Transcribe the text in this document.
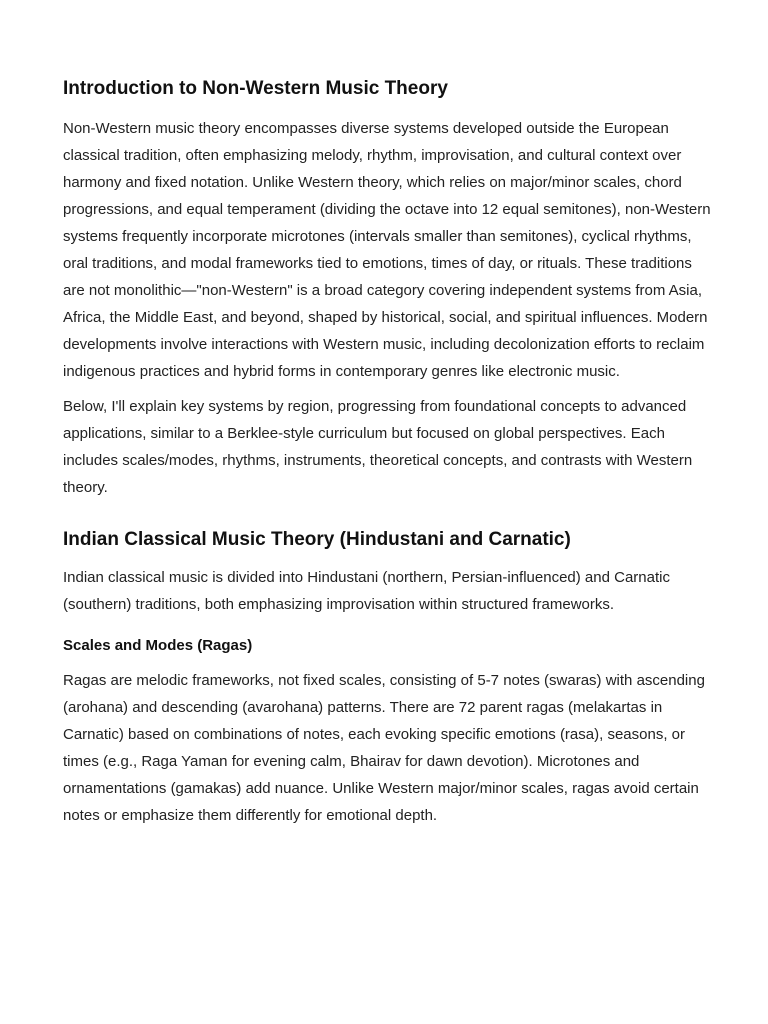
Introduction to Non-Western Music Theory

Non-Western music theory encompasses diverse systems developed outside the European classical tradition, often emphasizing melody, rhythm, improvisation, and cultural context over harmony and fixed notation. Unlike Western theory, which relies on major/minor scales, chord progressions, and equal temperament (dividing the octave into 12 equal semitones), non-Western systems frequently incorporate microtones (intervals smaller than semitones), cyclical rhythms, oral traditions, and modal frameworks tied to emotions, times of day, or rituals. These traditions are not monolithic—"non-Western" is a broad category covering independent systems from Asia, Africa, the Middle East, and beyond, shaped by historical, social, and spiritual influences. Modern developments involve interactions with Western music, including decolonization efforts to reclaim indigenous practices and hybrid forms in contemporary genres like electronic music.

Below, I'll explain key systems by region, progressing from foundational concepts to advanced applications, similar to a Berklee-style curriculum but focused on global perspectives. Each includes scales/modes, rhythms, instruments, theoretical concepts, and contrasts with Western theory.

Indian Classical Music Theory (Hindustani and Carnatic)

Indian classical music is divided into Hindustani (northern, Persian-influenced) and Carnatic (southern) traditions, both emphasizing improvisation within structured frameworks.

Scales and Modes (Ragas)

Ragas are melodic frameworks, not fixed scales, consisting of 5-7 notes (swaras) with ascending (arohana) and descending (avarohana) patterns. There are 72 parent ragas (melakartas in Carnatic) based on combinations of notes, each evoking specific emotions (rasa), seasons, or times (e.g., Raga Yaman for evening calm, Bhairav for dawn devotion). Microtones and ornamentations (gamakas) add nuance. Unlike Western major/minor scales, ragas avoid certain notes or emphasize them differently for emotional depth.
